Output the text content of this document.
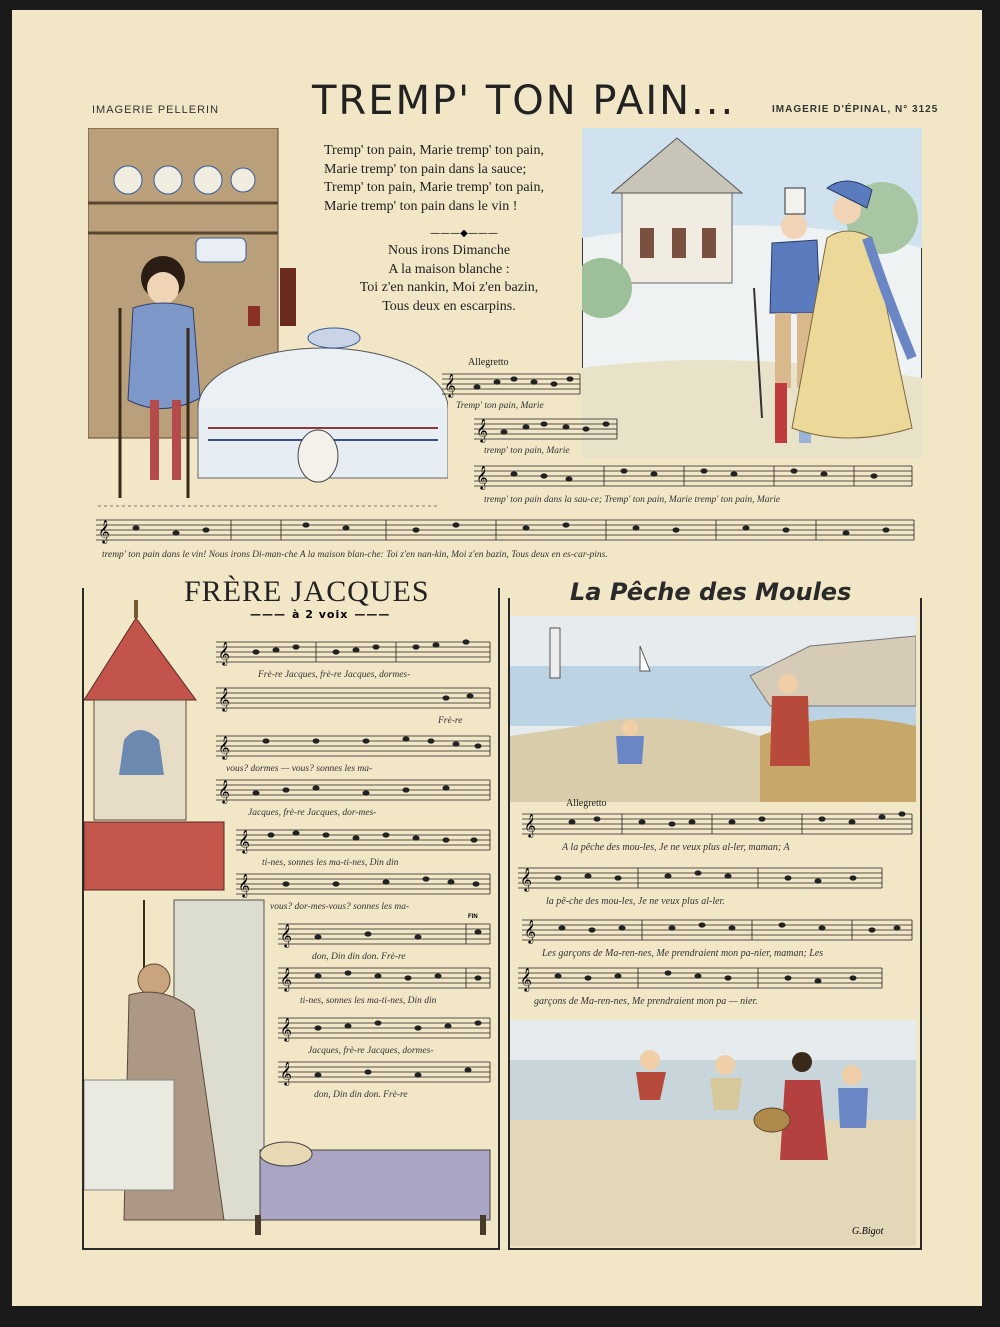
IMAGERIE PELLERIN TREMP' TON PAIN...	IMAGERIE D'ÉPINAL, N° 3125
Tremp' ton pain, Marie tremp' ton pain,
Marie tremp' ton pain dans la sauce;
Tremp' ton pain, Marie tremp' ton pain,
Marie tremp' ton pain dans le vin !
———◆———
Nous irons Dimanche
A la maison blanche :
Toi z'en nankin, Moi z'en bazin,
Tous deux en escarpins.
Allegretto
𝄞
Tremp' ton pain, Marie
𝄞
tremp' ton pain, Marie
𝄞
tremp' ton pain dans la sau-ce; Tremp' ton pain, Marie tremp' ton pain, Marie
𝄞
tremp' ton pain dans le vin! Nous irons Di-man-che A la maison blan-che: Toi z'en nan-kin, Moi z'en bazin, Tous deux en es-car-pins.
FRÈRE JACQUES
——— à 2 voix ———
𝄞
Frè-re Jacques, frè-re Jacques, dormes-
𝄞
Frè-re
𝄞
vous? dormes — vous? sonnes les ma-
𝄞
Jacques, frè-re Jacques, dor-mes-
𝄞
ti-nes, sonnes les ma-ti-nes, Din din
𝄞
vous? dor-mes-vous? sonnes les ma-
FIN
𝄞
don, Din din don. Frè-re
𝄞
ti-nes, sonnes les ma-ti-nes, Din din
𝄞
Jacques, frè-re Jacques, dormes-
𝄞
don, Din din don. Frè-re
La Pêche des Moules
Allegretto
𝄞
A la pêche des mou-les, Je ne veux plus al-ler, maman; A
𝄞
la pê-che des mou-les, Je ne veux plus al-ler.
𝄞
Les garçons de Ma-ren-nes, Me prendraient mon pa-nier, maman; Les
𝄞
garçons de Ma-ren-nes, Me prendraient mon pa — nier.
G.Bigot
